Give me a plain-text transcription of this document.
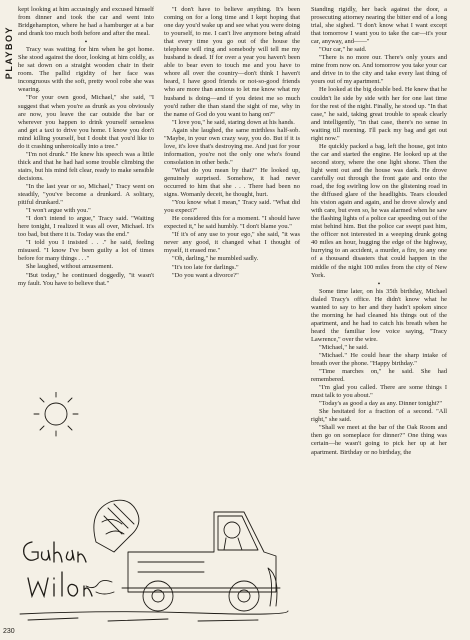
PLAYBOY

kept looking at him accusingly and excused himself from dinner and took the car and went into Bridgehampton, where he had a hamburger at a bar and drank too much both before and after the meal.

•

Tracy was waiting for him when he got home. She stood against the door, looking at him coldly, as he sat down on a straight wooden chair in their room. The pallid rigidity of her face was incongruous with the soft, pretty wool robe she was wearing.

"For your own good, Michael," she said, "I suggest that when you're as drunk as you obviously are now, you leave the car outside the bar or wherever you happen to drink yourself senseless and get a taxi to drive you home. I know you don't mind killing yourself, but I doubt that you'd like to do it crashing unheroically into a tree."

"I'm not drunk." He knew his speech was a little thick and that he had had some trouble climbing the stairs, but his mind felt clear, ready to make sensible decisions.

"In the last year or so, Michael," Tracy went on steadily, "you've become a drunkard. A solitary, pitiful drunkard."

"I won't argue with you."

"I don't intend to argue," Tracy said. "Waiting here tonight, I realized it was all over, Michael. It's too bad, but there it is. Today was the end."

"I told you I insisted . . ." he said, feeling misused. "I know I've been guilty a lot of times before for many things . . ."

She laughed, without amusement.

"But today," he continued doggedly, "it wasn't my fault. You have to believe that."

"I don't have to believe anything. It's been coming on for a long time and I kept hoping that one day you'd wake up and see what you were doing to yourself, to me. I can't live anymore being afraid that every time you go out of the house the telephone will ring and somebody will tell me my husband is dead. If for over a year you haven't been able to bear even to touch me and you have to whore all over the country—don't think I haven't heard, I have good friends or not-so-good friends who are more than anxious to let me know what my husband is doing—and if you detest me so much you'd rather die than stand the sight of me, why in the name of God do you want to hang on?"

"I love you," he said, staring down at his hands.

Again she laughed, the same mirthless half-sob. "Maybe, in your own crazy way, you do. But if it is love, it's love that's destroying me. And just for your information, you're not the only one who's found consolation in other beds."

"What do you mean by that?" He looked up, genuinely surprised. Somehow, it had never occurred to him that she . . . There had been no signs. Womanly deceit, he thought, hurt.

"You know what I mean," Tracy said. "What did you expect?"

He considered this for a moment. "I should have expected it," he said humbly. "I don't blame you."

"If it's of any use to your ego," she said, "it was never any good, it changed what I thought of myself, it erased me."

"Oh, darling," he mumbled sadly.

"It's too late for darlings."

"Do you want a divorce?"

Standing rigidly, her back against the door, a prosecuting attorney nearing the bitter end of a long trial, she sighed. "I don't know what I want except that tomorrow I want you to take the car—it's your car, anyway, and——"

"Our car," he said.

"There is no more our. There's only yours and mine from now on. And tomorrow you take your car and drive in to the city and take every last thing of yours out of my apartment."

He looked at the big double bed. He knew that he couldn't lie side by side with her for one last time for the rest of the night. Finally, he stood up. "In that case," he said, taking great trouble to speak clearly and intelligently, "in that case, there's no sense in waiting till morning. I'll pack my bag and get out right now."

He quickly packed a bag, left the house, got into the car and started the engine. He looked up at the second story, where the one light shone. Then the light went out and the house was dark. He drove carefully out through the front gate and onto the road, the fog swirling low on the glistening road in the diffused glare of the headlights. Tears clouded his vision again and again, and he drove slowly and with care, but even so, he was alarmed when he saw the flashing lights of a police car speeding out of the mist behind him. But the police car swept past him, the officer not interested in a weeping drunk going 40 miles an hour, hugging the edge of the highway, hurrying to an accident, a murder, a fire, to any one of a thousand disasters that could happen in the middle of the night 100 miles from the city of New York.

•

Some time later, on his 35th birthday, Michael dialed Tracy's office. He didn't know what he wanted to say to her and they hadn't spoken since the morning he had cleaned his things out of the apartment, and he had to catch his breath when he heard the familiar low voice saying, "Tracy Lawrence," over the wire.

"Michael," he said.

"Michael." He could hear the sharp intake of breath over the phone. "Happy birthday."

"Time marches on," he said. She had remembered.

"I'm glad you called. There are some things I must talk to you about."

"Today's as good a day as any. Dinner tonight?"

She hesitated for a fraction of a second. "All right," she said.

"Shall we meet at the bar of the Oak Room and then go on someplace for dinner?" One thing was certain—he wasn't going to pick her up at her apartment. Birthday or no birthday, the

230
